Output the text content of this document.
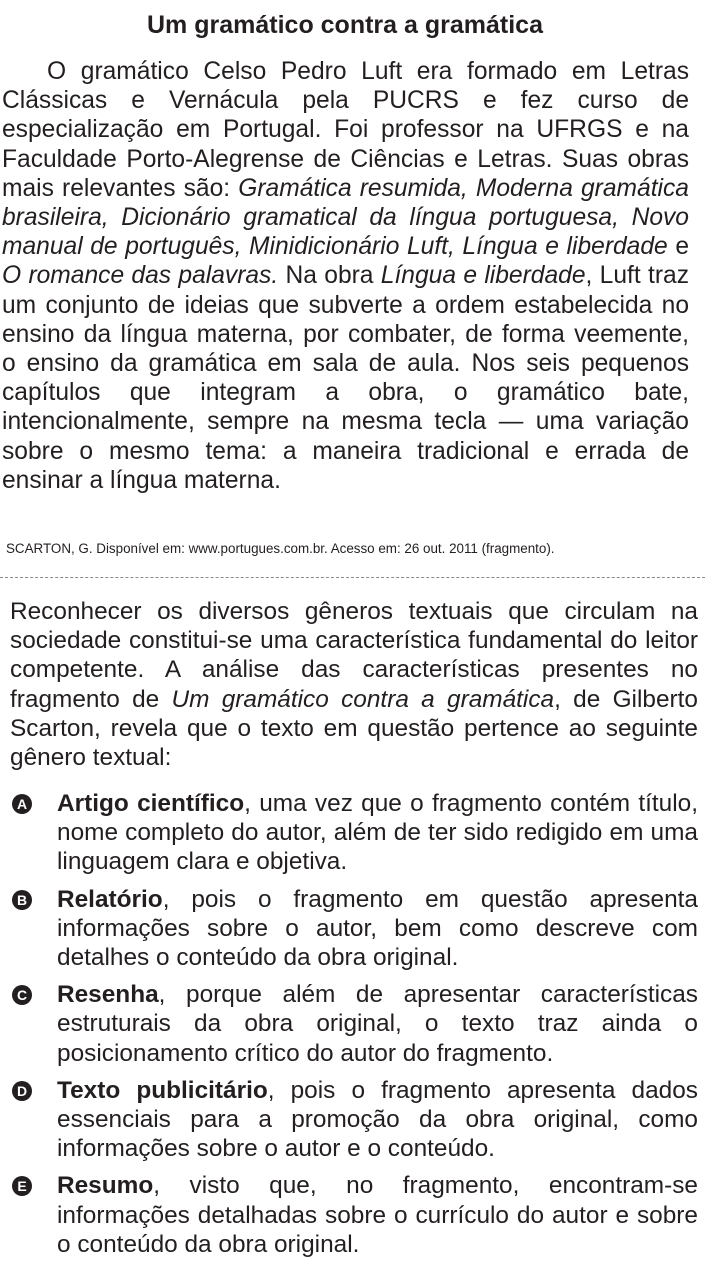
Um gramático contra a gramática
O gramático Celso Pedro Luft era formado em Letras Clássicas e Vernácula pela PUCRS e fez curso de especialização em Portugal. Foi professor na UFRGS e na Faculdade Porto-Alegrense de Ciências e Letras. Suas obras mais relevantes são: Gramática resumida, Moderna gramática brasileira, Dicionário gramatical da língua portuguesa, Novo manual de português, Minidicionário Luft, Língua e liberdade e O romance das palavras. Na obra Língua e liberdade, Luft traz um conjunto de ideias que subverte a ordem estabelecida no ensino da língua materna, por combater, de forma veemente, o ensino da gramática em sala de aula. Nos seis pequenos capítulos que integram a obra, o gramático bate, intencionalmente, sempre na mesma tecla — uma variação sobre o mesmo tema: a maneira tradicional e errada de ensinar a língua materna.
SCARTON, G. Disponível em: www.portugues.com.br. Acesso em: 26 out. 2011 (fragmento).
Reconhecer os diversos gêneros textuais que circulam na sociedade constitui-se uma característica fundamental do leitor competente. A análise das características presentes no fragmento de Um gramático contra a gramática, de Gilberto Scarton, revela que o texto em questão pertence ao seguinte gênero textual:
A Artigo científico, uma vez que o fragmento contém título, nome completo do autor, além de ter sido redigido em uma linguagem clara e objetiva.
B Relatório, pois o fragmento em questão apresenta informações sobre o autor, bem como descreve com detalhes o conteúdo da obra original.
C Resenha, porque além de apresentar características estruturais da obra original, o texto traz ainda o posicionamento crítico do autor do fragmento.
D Texto publicitário, pois o fragmento apresenta dados essenciais para a promoção da obra original, como informações sobre o autor e o conteúdo.
E Resumo, visto que, no fragmento, encontram-se informações detalhadas sobre o currículo do autor e sobre o conteúdo da obra original.
